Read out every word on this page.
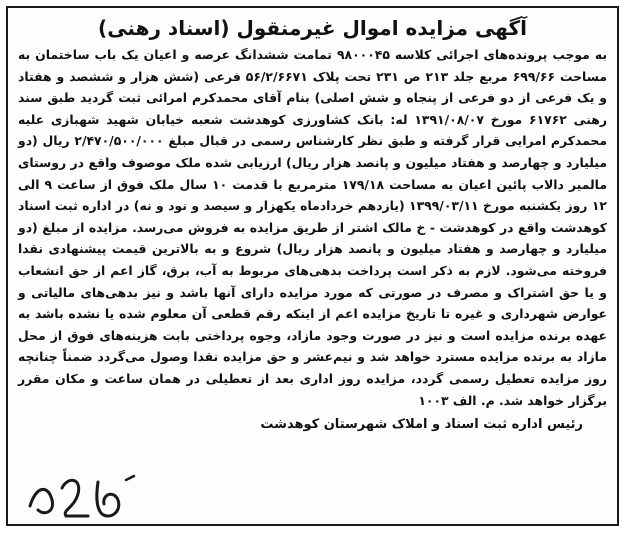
آگهی مزایده اموال غیرمنقول (اسناد رهنی)
به موجب پرونده‌های اجرائی کلاسه ۹۸۰۰۰۴۵ تمامت ششدانگ عرصه و اعیان یک باب ساختمان به مساحت ۶۹۹/۶۶ مربع جلد ۲۱۳ ص ۲۳۱ تحت پلاک ۵۶/۲/۶۶۷۱ فرعی (شش هزار و ششصد و هفتاد و یک فرعی از دو فرعی از پنجاه و شش اصلی) بنام آقای محمدکرم امرائی ثبت گردید طبق سند رهنی ۶۱۷۶۲ مورخ ۱۳۹۱/۰۸/۰۷ له: بانک کشاورزی کوهدشت شعبه خیابان شهید شهبازی علیه محمدکرم امرایی قرار گرفته و طبق نظر کارشناس رسمی در قبال مبلغ ۲/۴۷۰/۵۰۰/۰۰۰ ریال (دو میلیارد و چهارصد و هفتاد میلیون و پانصد هزار ریال) ارزیابی شده ملک موصوف واقع در روستای مالمیر دالاب پائین اعیان به مساحت ۱۷۹/۱۸ مترمربع با قدمت ۱۰ سال ملک فوق از ساعت ۹ الی ۱۲ روز یکشنبه مورخ ۱۳۹۹/۰۳/۱۱ (یازدهم خردادماه یکهزار و سیصد و نود و نه) در اداره ثبت اسناد کوهدشت واقع در کوهدشت - خ مالک اشتر از طریق مزایده به فروش می‌رسد. مزایده از مبلغ (دو میلیارد و چهارصد و هفتاد میلیون و پانصد هزار ریال) شروع و به بالاترین قیمت پیشنهادی نقدا فروخته می‌شود. لازم به ذکر است پرداخت بدهی‌های مربوط به آب، برق، گاز اعم از حق انشعاب و یا حق اشتراک و مصرف در صورتی که مورد مزایده دارای آنها باشد و نیز بدهی‌های مالیاتی و عوارض شهرداری و غیره تا تاریخ مزایده اعم از اینکه رقم قطعی آن معلوم شده یا نشده باشد به عهده برنده مزایده است و نیز در صورت وجود مازاد، وجوه پرداختی بابت هزینه‌های فوق از محل مازاد به برنده مزایده مسترد خواهد شد و نیم‌عشر و حق مزایده نقدا وصول می‌گردد ضمناً چنانچه روز مزایده تعطیل رسمی گردد، مزایده روز اداری بعد از تعطیلی در همان ساعت و مکان مقرر برگزار خواهد شد. م. الف ۱۰۰۳
رئیس اداره ثبت اسناد و املاک شهرستان کوهدشت
